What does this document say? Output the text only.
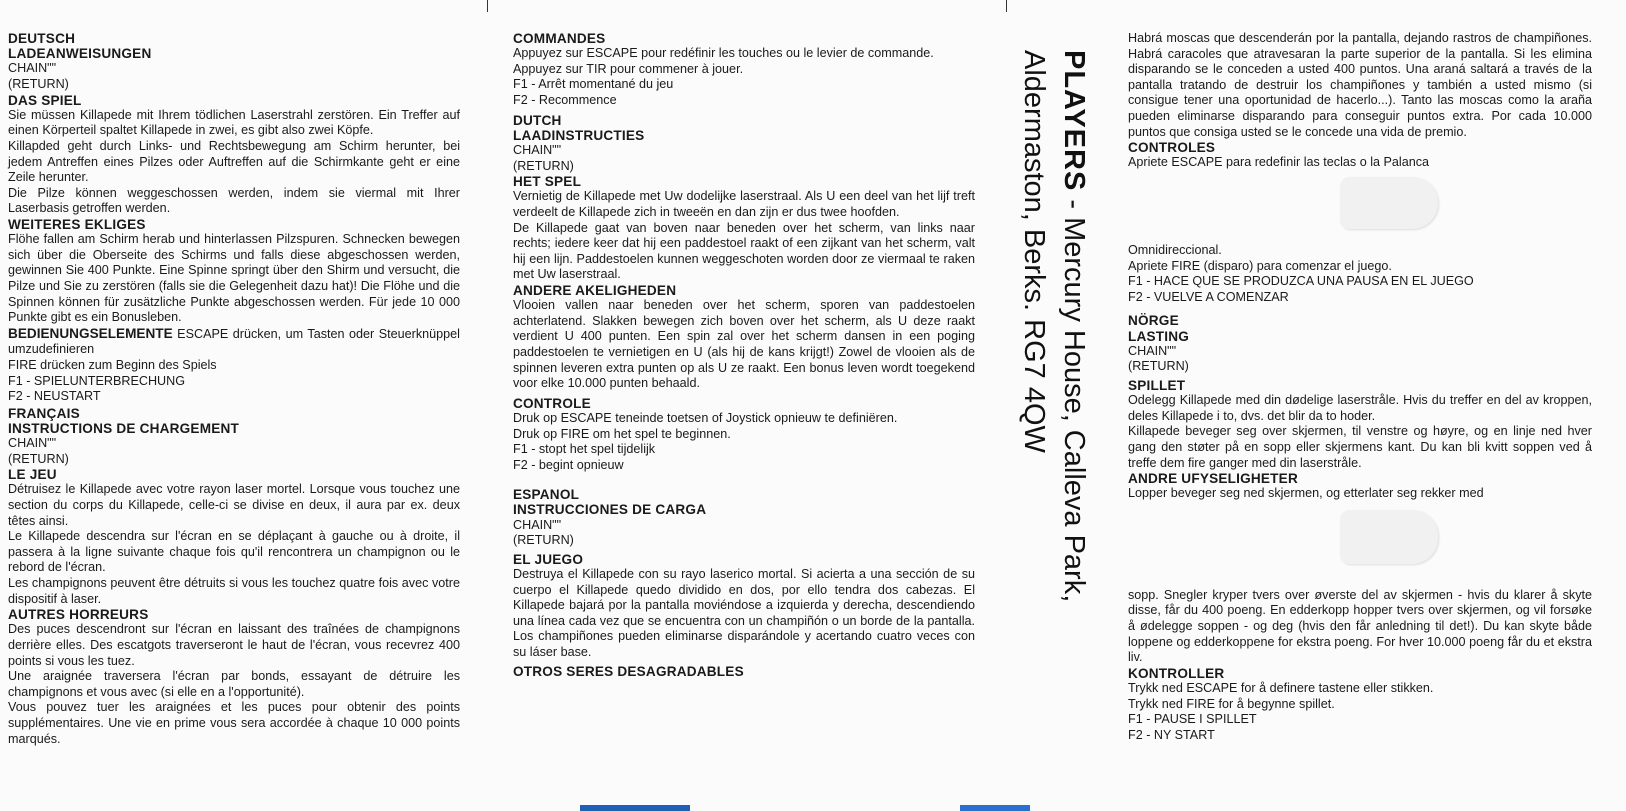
DEUTSCH
LADEANWEISUNGEN

CHAIN""

(RETURN)

DAS SPIEL

Sie müssen Killapede mit Ihrem tödlichen Laserstrahl zerstören. Ein Treffer auf einen Körperteil spaltet Killapede in zwei, es gibt also zwei Köpfe.

Killapded geht durch Links- und Rechtsbewegung am Schirm herunter, bei jedem Antreffen eines Pilzes oder Auftreffen auf die Schirmkante geht er eine Zeile herunter.

Die Pilze können weggeschossen werden, indem sie viermal mit Ihrer Laserbasis getroffen werden.

WEITERES EKLIGES

Flöhe fallen am Schirm herab und hinterlassen Pilzspuren. Schnecken bewegen sich über die Oberseite des Schirms und falls diese abgeschossen werden, gewinnen Sie 400 Punkte. Eine Spinne springt über den Shirm und versucht, die Pilze und Sie zu zerstören (falls sie die Gelegenheit dazu hat)! Die Flöhe und die Spinnen können für zusätzliche Punkte abgeschossen werden. Für jede 10 000 Punkte gibt es ein Bonusleben.

BEDIENUNGSELEMENTE ESCAPE drücken, um Tasten oder Steuerknüppel umzudefinieren

FIRE drücken zum Beginn des Spiels

F1 - SPIELUNTERBRECHUNG

F2 - NEUSTART

FRANÇAIS
INSTRUCTIONS DE CHARGEMENT

CHAIN""

(RETURN)

LE JEU

Détruisez le Killapede avec votre rayon laser mortel. Lorsque vous touchez une section du corps du Killapede, celle-ci se divise en deux, il aura par ex. deux têtes ainsi.

Le Killapede descendra sur l'écran en se déplaçant à gauche ou à droite, il passera à la ligne suivante chaque fois qu'il rencontrera un champignon ou le rebord de l'écran.

Les champignons peuvent être détruits si vous les touchez quatre fois avec votre dispositif à laser.

AUTRES HORREURS

Des puces descendront sur l'écran en laissant des traînées de champignons derrière elles. Des escatgots traverseront le haut de l'écran, vous recevrez 400 points si vous les tuez.

Une araignée traversera l'écran par bonds, essayant de détruire les champignons et vous avec (si elle en a l'opportunité).

Vous pouvez tuer les araignées et les puces pour obtenir des points supplémentaires. Une vie en prime vous sera accordée à chaque 10 000 points marqués.

COMMANDES

Appuyez sur ESCAPE pour redéfinir les touches ou le levier de commande.

Appuyez sur TIR pour commener à jouer.

F1 - Arrêt momentané du jeu

F2 - Recommence

DUTCH
LAADINSTRUCTIES

CHAIN""

(RETURN)

HET SPEL

Vernietig de Killapede met Uw dodelijke laserstraal. Als U een deel van het lijf treft verdeelt de Killapede zich in tweeën en dan zijn er dus twee hoofden.

De Killapede gaat van boven naar beneden over het scherm, van links naar rechts; iedere keer dat hij een paddestoel raakt of een zijkant van het scherm, valt hij een lijn. Paddestoelen kunnen weggeschoten worden door ze viermaal te raken met Uw laserstraal.

ANDERE AKELIGHEDEN

Vlooien vallen naar beneden over het scherm, sporen van paddestoelen achterlatend. Slakken bewegen zich boven over het scherm, als U deze raakt verdient U 400 punten. Een spin zal over het scherm dansen in een poging paddestoelen te vernietigen en U (als hij de kans krijgt!) Zowel de vlooien als de spinnen leveren extra punten op als U ze raakt. Een bonus leven wordt toegekend voor elke 10.000 punten behaald.

CONTROLE

Druk op ESCAPE teneinde toetsen of Joystick opnieuw te definiëren.

Druk op FIRE om het spel te beginnen.

F1 - stopt het spel tijdelijk

F2 - begint opnieuw

ESPANOL
INSTRUCCIONES DE CARGA

CHAIN""

(RETURN)

EL JUEGO

Destruya el Killapede con su rayo laserico mortal. Si acierta a una sección de su cuerpo el Killapede quedo dividido en dos, por ello tendra dos cabezas. El Killapede bajará por la pantalla moviéndose a izquierda y derecha, descendiendo una línea cada vez que se encuentra con un champiñón o un borde de la pantalla. Los champiñones pueden eliminarse disparándole y acertando cuatro veces con su láser base.

OTROS SERES DESAGRADABLES
PLAYERS - Mercury House, Calleva Park,
Aldermaston, Berks. RG7 4QW

Habrá moscas que descenderán por la pantalla, dejando rastros de champiñones. Habrá caracoles que atravesaran la parte superior de la pantalla. Si les elimina disparando se le conceden a usted 400 puntos. Una araná saltará a través de la pantalla tratando de destruir los champiñones y también a usted mismo (si consigue tener una oportunidad de hacerlo...). Tanto las moscas como la araña pueden eliminarse disparando para conseguir puntos extra. Por cada 10.000 puntos que consiga usted se le concede una vida de premio.

CONTROLES

Apriete ESCAPE para redefinir las teclas o la Palanca

Omnidireccional.

Apriete FIRE (disparo) para comenzar el juego.

F1 - HACE QUE SE PRODUZCA UNA PAUSA EN EL JUEGO

F2 - VUELVE A COMENZAR

NÖRGE
LASTING

CHAIN""

(RETURN)

SPILLET

Odelegg Killapede med din dødelige laserstråle. Hvis du treffer en del av kroppen, deles Killapede i to, dvs. det blir da to hoder.

Killapede beveger seg over skjermen, til venstre og høyre, og en linje ned hver gang den støter på en sopp eller skjermens kant. Du kan bli kvitt soppen ved å treffe dem fire ganger med din laserstråle.

ANDRE UFYSELIGHETER

Lopper beveger seg ned skjermen, og etterlater seg rekker med

sopp. Snegler kryper tvers over øverste del av skjermen - hvis du klarer å skyte disse, får du 400 poeng. En edderkopp hopper tvers over skjermen, og vil forsøke å ødelegge soppen - og deg (hvis den får anledning til det!). Du kan skyte både loppene og edderkoppene for ekstra poeng. For hver 10.000 poeng får du et ekstra liv.

KONTROLLER

Trykk ned ESCAPE for å definere tastene eller stikken.

Trykk ned FIRE for å begynne spillet.

F1 - PAUSE I SPILLET

F2 - NY START
